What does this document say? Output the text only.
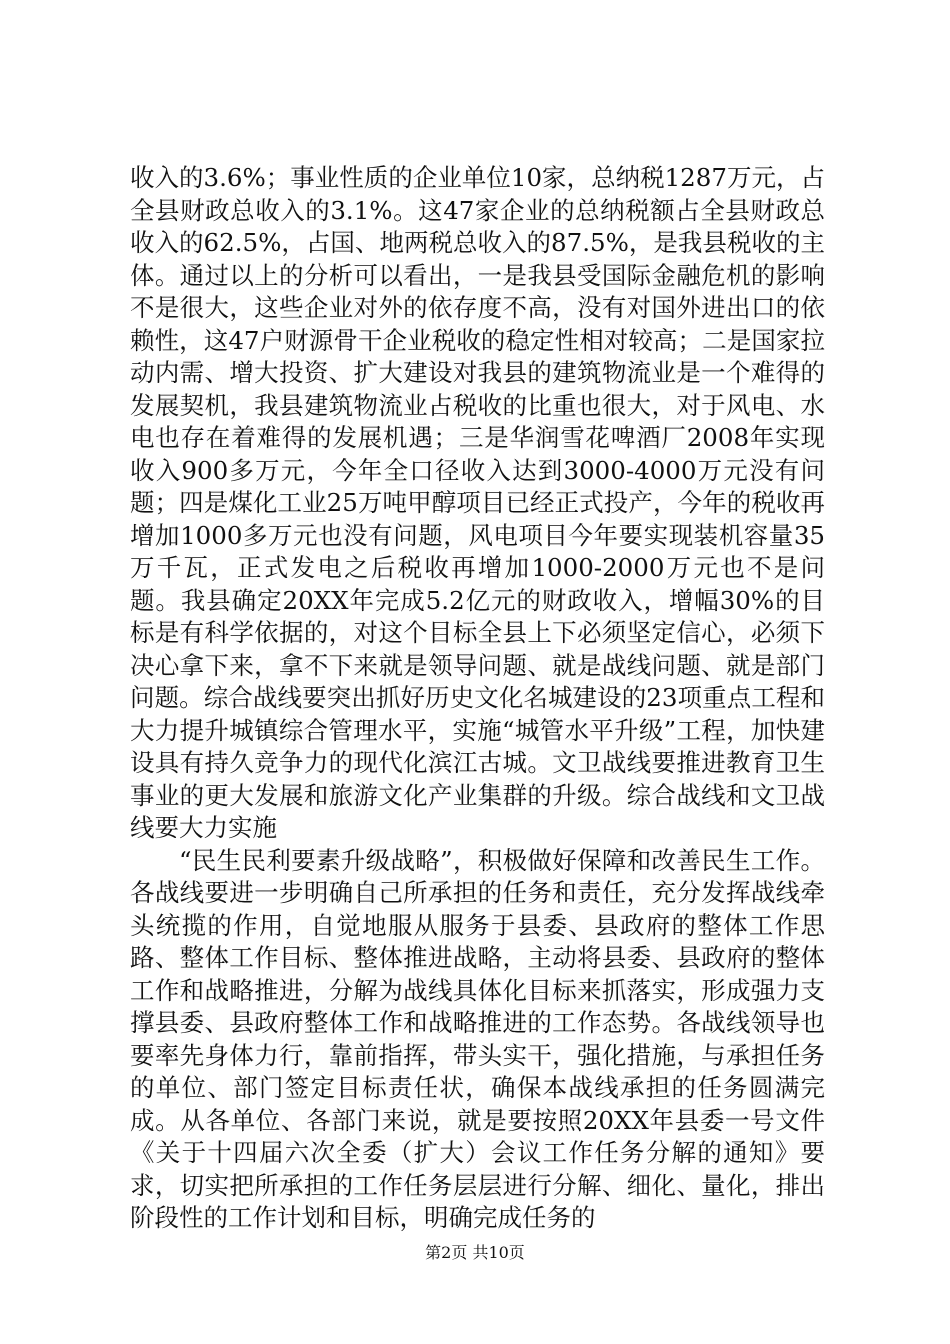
收入的3.6%；事业性质的企业单位10家，总纳税1287万元，占全县财政总收入的3.1%。这47家企业的总纳税额占全县财政总收入的62.5%，占国、地两税总收入的87.5%，是我县税收的主体。通过以上的分析可以看出，一是我县受国际金融危机的影响不是很大，这些企业对外的依存度不高，没有对国外进出口的依赖性，这47户财源骨干企业税收的稳定性相对较高；二是国家拉动内需、增大投资、扩大建设对我县的建筑物流业是一个难得的发展契机，我县建筑物流业占税收的比重也很大，对于风电、水电也存在着难得的发展机遇；三是华润雪花啤酒厂2008年实现收入900多万元，今年全口径收入达到3000-4000万元没有问题；四是煤化工业25万吨甲醇项目已经正式投产，今年的税收再增加1000多万元也没有问题，风电项目今年要实现装机容量35万千瓦，正式发电之后税收再增加1000-2000万元也不是问题。我县确定20XX年完成5.2亿元的财政收入，增幅30%的目标是有科学依据的，对这个目标全县上下必须坚定信心，必须下决心拿下来，拿不下来就是领导问题、就是战线问题、就是部门问题。综合战线要突出抓好历史文化名城建设的23项重点工程和大力提升城镇综合管理水平，实施“城管水平升级”工程，加快建设具有持久竞争力的现代化滨江古城。文卫战线要推进教育卫生事业的更大发展和旅游文化产业集群的升级。综合战线和文卫战线要大力实施

“民生民利要素升级战略”，积极做好保障和改善民生工作。各战线要进一步明确自己所承担的任务和责任，充分发挥战线牵头统揽的作用，自觉地服从服务于县委、县政府的整体工作思路、整体工作目标、整体推进战略，主动将县委、县政府的整体工作和战略推进，分解为战线具体化目标来抓落实，形成强力支撑县委、县政府整体工作和战略推进的工作态势。各战线领导也要率先身体力行，靠前指挥，带头实干，强化措施，与承担任务的单位、部门签定目标责任状，确保本战线承担的任务圆满完成。从各单位、各部门来说，就是要按照20XX年县委一号文件《关于十四届六次全委（扩大）会议工作任务分解的通知》要求，切实把所承担的工作任务层层进行分解、细化、量化，排出阶段性的工作计划和目标，明确完成任务的

第2页 共10页
